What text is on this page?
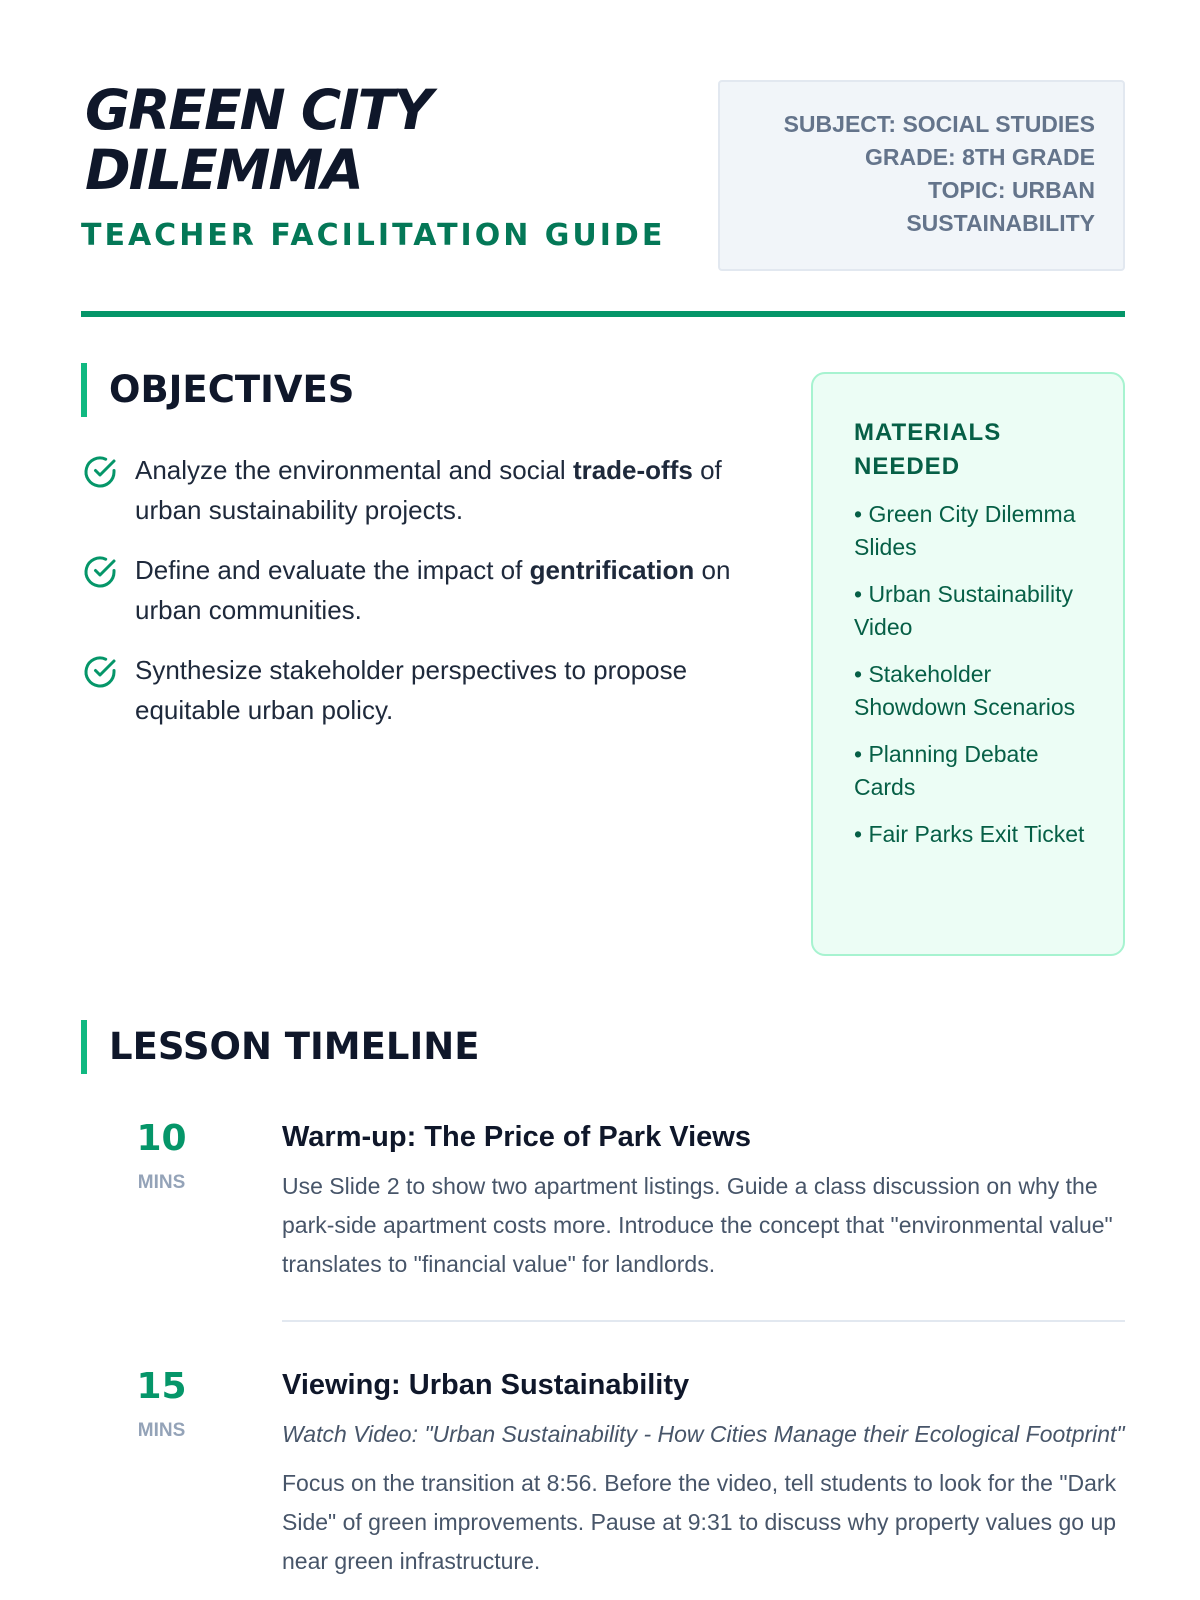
GREEN CITY DILEMMA
TEACHER FACILITATION GUIDE
SUBJECT: SOCIAL STUDIES
GRADE: 8TH GRADE
TOPIC: URBAN SUSTAINABILITY
OBJECTIVES
Analyze the environmental and social trade-offs of urban sustainability projects.
Define and evaluate the impact of gentrification on urban communities.
Synthesize stakeholder perspectives to propose equitable urban policy.
MATERIALS NEEDED
• Green City Dilemma Slides
• Urban Sustainability Video
• Stakeholder Showdown Scenarios
• Planning Debate Cards
• Fair Parks Exit Ticket
LESSON TIMELINE
10
MINS
Warm-up: The Price of Park Views
Use Slide 2 to show two apartment listings. Guide a class discussion on why the park-side apartment costs more. Introduce the concept that "environmental value" translates to "financial value" for landlords.
15
MINS
Viewing: Urban Sustainability
Watch Video: "Urban Sustainability - How Cities Manage their Ecological Footprint"
Focus on the transition at 8:56. Before the video, tell students to look for the "Dark Side" of green improvements. Pause at 9:31 to discuss why property values go up near green infrastructure.
